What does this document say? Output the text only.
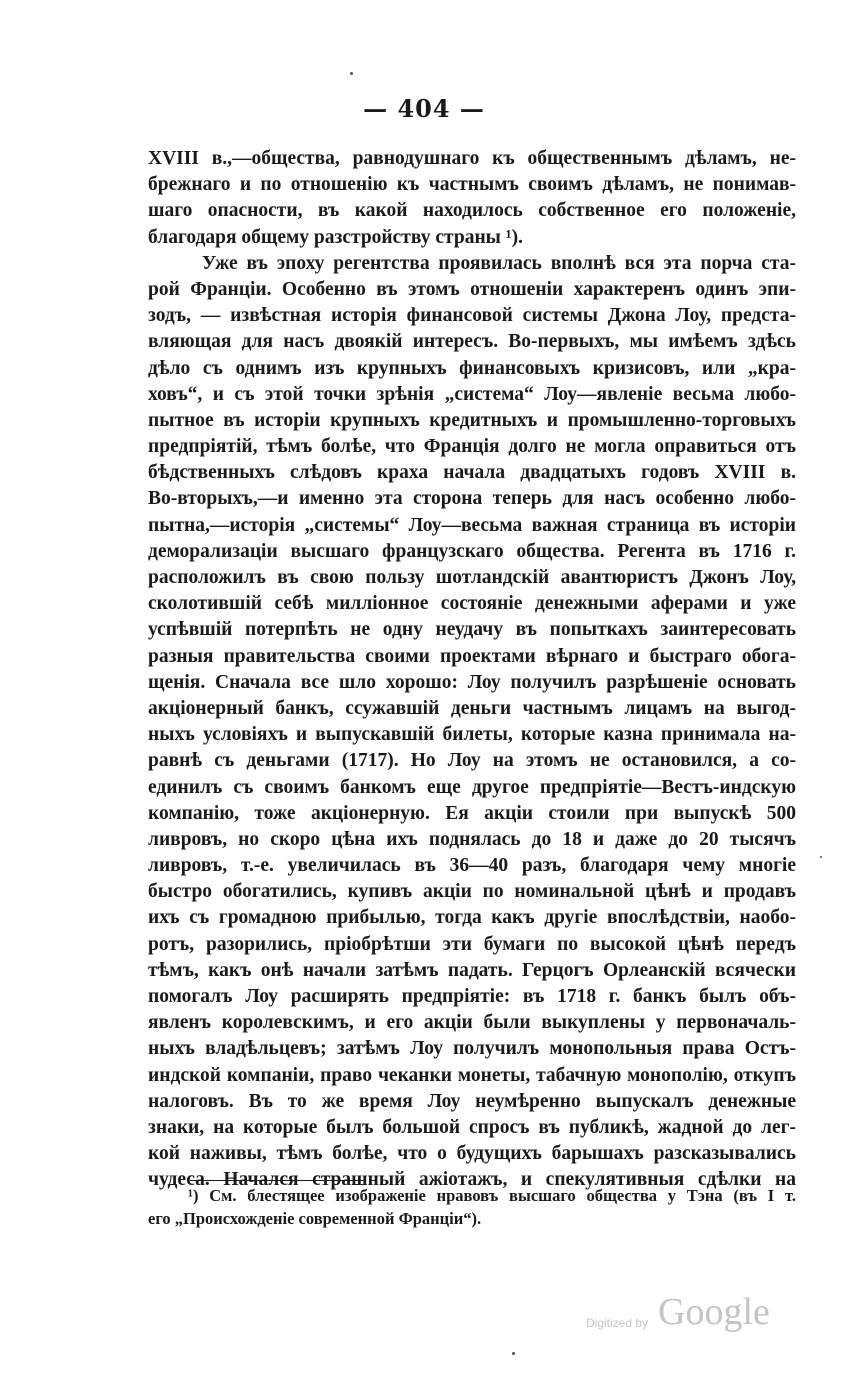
— 404 —
XVIII в.,—общества, равнодушнаго къ общественнымъ дѣламъ, не-
брежнаго и по отношенію къ частнымъ своимъ дѣламъ, не понимав-
шаго опасности, въ какой находилось собственное его положеніе,
благодаря общему разстройству страны ¹).
Уже въ эпоху регентства проявилась вполнѣ вся эта порча ста-
рой Франціи. Особенно въ этомъ отношеніи характеренъ одинъ эпи-
зодъ, — извѣстная исторія финансовой системы Джона Лоу, предста-
вляющая для насъ двоякій интересъ. Во-первыхъ, мы имѣемъ здѣсь
дѣло съ однимъ изъ крупныхъ финансовыхъ кризисовъ, или „кра-
ховъ“, и съ этой точки зрѣнія „система“ Лоу—явленіе весьма любо-
пытное въ исторіи крупныхъ кредитныхъ и промышленно-торговыхъ
предпріятій, тѣмъ болѣе, что Франція долго не могла оправиться отъ
бѣдственныхъ слѣдовъ краха начала двадцатыхъ годовъ XVIII в.
Во-вторыхъ,—и именно эта сторона теперь для насъ особенно любо-
пытна,—исторія „системы“ Лоу—весьма важная страница въ исторіи
деморализаціи высшаго французскаго общества. Регента въ 1716 г.
расположилъ въ свою пользу шотландскій авантюристъ Джонъ Лоу,
сколотившій себѣ милліонное состояніе денежными аферами и уже
успѣвшій потерпѣть не одну неудачу въ попыткахъ заинтересовать
разныя правительства своими проектами вѣрнаго и быстраго обога-
щенія. Сначала все шло хорошо: Лоу получилъ разрѣшеніе основать
акціонерный банкъ, ссужавшій деньги частнымъ лицамъ на выгод-
ныхъ условіяхъ и выпускавшій билеты, которые казна принимала на-
равнѣ съ деньгами (1717). Но Лоу на этомъ не остановился, а со-
единилъ съ своимъ банкомъ еще другое предпріятіе—Вестъ-индскую
компанію, тоже акціонерную. Ея акціи стоили при выпускѣ 500
ливровъ, но скоро цѣна ихъ поднялась до 18 и даже до 20 тысячъ
ливровъ, т.-е. увеличилась въ 36—40 разъ, благодаря чему многіе
быстро обогатились, купивъ акціи по номинальной цѣнѣ и продавъ
ихъ съ громадною прибылью, тогда какъ другіе впослѣдствіи, наобо-
ротъ, разорились, пріобрѣтши эти бумаги по высокой цѣнѣ передъ
тѣмъ, какъ онѣ начали затѣмъ падать. Герцогъ Орлеанскій всячески
помогалъ Лоу расширять предпріятіе: въ 1718 г. банкъ былъ объ-
явленъ королевскимъ, и его акціи были выкуплены у первоначаль-
ныхъ владѣльцевъ; затѣмъ Лоу получилъ монопольныя права Остъ-
индской компаніи, право чеканки монеты, табачную монополію, откупъ
налоговъ. Въ то же время Лоу неумѣренно выпускалъ денежные
знаки, на которые былъ большой спросъ въ публикѣ, жадной до лег-
кой наживы, тѣмъ болѣе, что о будущихъ барышахъ разсказывались
чудеса. Начался страшный ажіотажъ, и спекулятивныя сдѣлки на
¹) См. блестящее изображеніе нравовъ высшаго общества у Тэна (въ I т.
его „Происхожденіе современной Франціи“).
Digitized by Google
